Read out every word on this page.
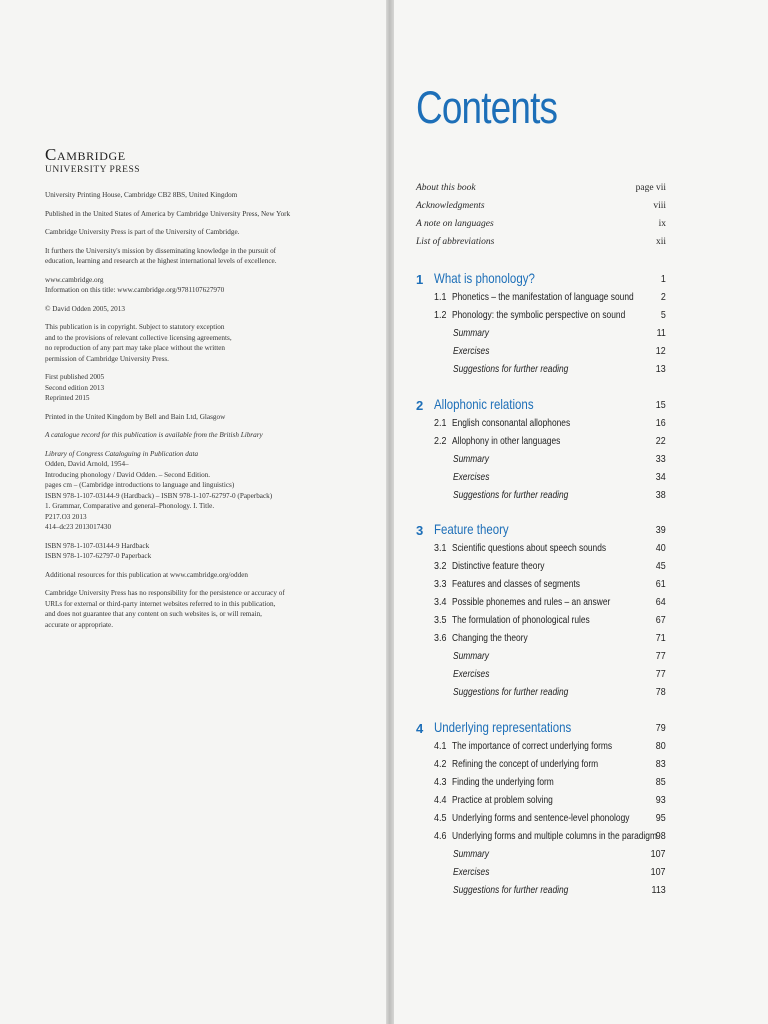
Cambridge
UNIVERSITY PRESS
University Printing House, Cambridge CB2 8BS, United Kingdom
Published in the United States of America by Cambridge University Press, New York
Cambridge University Press is part of the University of Cambridge.
It furthers the University's mission by disseminating knowledge in the pursuit of
education, learning and research at the highest international levels of excellence.
www.cambridge.org
Information on this title: www.cambridge.org/9781107627970
© David Odden 2005, 2013
This publication is in copyright. Subject to statutory exception
and to the provisions of relevant collective licensing agreements,
no reproduction of any part may take place without the written
permission of Cambridge University Press.
First published 2005
Second edition 2013
Reprinted 2015
Printed in the United Kingdom by Bell and Bain Ltd, Glasgow
A catalogue record for this publication is available from the British Library
Library of Congress Cataloguing in Publication data
Odden, David Arnold, 1954–
Introducing phonology / David Odden. – Second Edition.
pages cm – (Cambridge introductions to language and linguistics)
ISBN 978-1-107-03144-9 (Hardback) – ISBN 978-1-107-62797-0 (Paperback)
1. Grammar, Comparative and general–Phonology. I. Title.
P217.O3 2013
414–dc23 2013017430
ISBN 978-1-107-03144-9 Hardback
ISBN 978-1-107-62797-0 Paperback
Additional resources for this publication at www.cambridge.org/odden
Cambridge University Press has no responsibility for the persistence or accuracy of
URLs for external or third-party internet websites referred to in this publication,
and does not guarantee that any content on such websites is, or will remain,
accurate or appropriate.
Contents
About this book	page vii
Acknowledgments	viii
A note on languages	ix
List of abbreviations	xii
1 What is phonology?	1
1.1 Phonetics – the manifestation of language sound	2
1.2 Phonology: the symbolic perspective on sound	5
Summary	11
Exercises	12
Suggestions for further reading	13
2 Allophonic relations	15
2.1 English consonantal allophones	16
2.2 Allophony in other languages	22
Summary	33
Exercises	34
Suggestions for further reading	38
3 Feature theory	39
3.1 Scientific questions about speech sounds	40
3.2 Distinctive feature theory	45
3.3 Features and classes of segments	61
3.4 Possible phonemes and rules – an answer	64
3.5 The formulation of phonological rules	67
3.6 Changing the theory	71
Summary	77
Exercises	77
Suggestions for further reading	78
4 Underlying representations	79
4.1 The importance of correct underlying forms	80
4.2 Refining the concept of underlying form	83
4.3 Finding the underlying form	85
4.4 Practice at problem solving	93
4.5 Underlying forms and sentence-level phonology	95
4.6 Underlying forms and multiple columns in the paradigm 98
Summary	107
Exercises	107
Suggestions for further reading	113
